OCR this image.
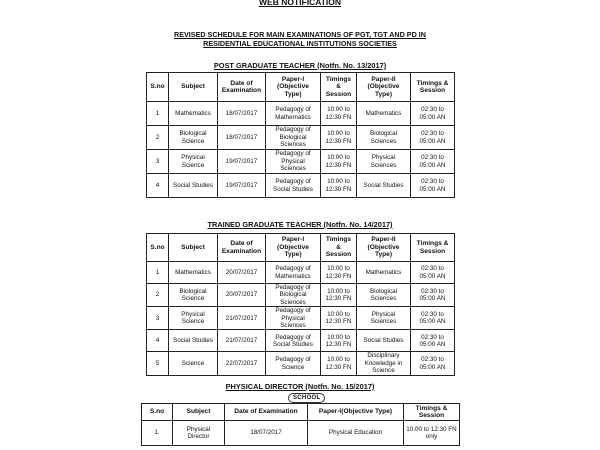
WEB NOTIFICATION
REVISED SCHEDULE FOR MAIN EXAMINATIONS OF PGT, TGT AND PD IN
RESIDENTIAL EDUCATIONAL INSTITUTIONS SOCIETIES
POST GRADUATE TEACHER (Notfn. No. 13/2017)
S.no	Subject	Date of Examination	Paper-I (Objective Type)	Timings & Session	Paper-II (Objective Type)	Timings & Session
1	Mathematics	18/07/2017	Pedagogy of Mathematics	10:00 to 12:30 FN	Mathematics	02:30 to 05:00 AN
2	Biological Science	18/07/2017	Pedagogy of Biological Sciences	10:00 to 12:30 FN	Biological Sciences	02:30 to 05:00 AN
3	Physical Science	19/07/2017	Pedagogy of Physical Sciences	10:00 to 12:30 FN	Physical Sciences	02:30 to 05:00 AN
4	Social Studies	19/07/2017	Pedagogy of Social Studies	10:00 to 12:30 FN	Social Studies	02:30 to 05:00 AN
TRAINED GRADUATE TEACHER (Notfn. No. 14/2017)
S.no	Subject	Date of Examination	Paper-I (Objective Type)	Timings & Session	Paper-II (Objective Type)	Timings & Session
1	Mathematics	20/07/2017	Pedagogy of Mathematics	10:00 to 12:30 FN	Mathematics	02:30 to 05:00 AN
2	Biological Science	20/07/2017	Pedagogy of Biological Sciences	10:00 to 12:30 FN	Biological Sciences	02:30 to 05:00 AN
3	Physical Science	21/07/2017	Pedagogy of Physical Sciences	10:00 to 12:30 FN	Physical Sciences	02:30 to 05:00 AN
4	Social Studies	21/07/2017	Pedagogy of Social Studies	10:00 to 12:30 FN	Social Studies	02:30 to 05:00 AN
5	Science	22/07/2017	Pedagogy of Science	10:00 to 12:30 FN	Disciplinary Knowledge in Science	02:30 to 05:00 AN
PHYSICAL DIRECTOR (Notfn. No. 15/2017)
SCHOOL
S.no	Subject	Date of Examination	Paper-I(Objective Type)	Timings & Session
1.	Physical Director	18/07/2017	Physical Education	10.00 to 12:30 FN only
